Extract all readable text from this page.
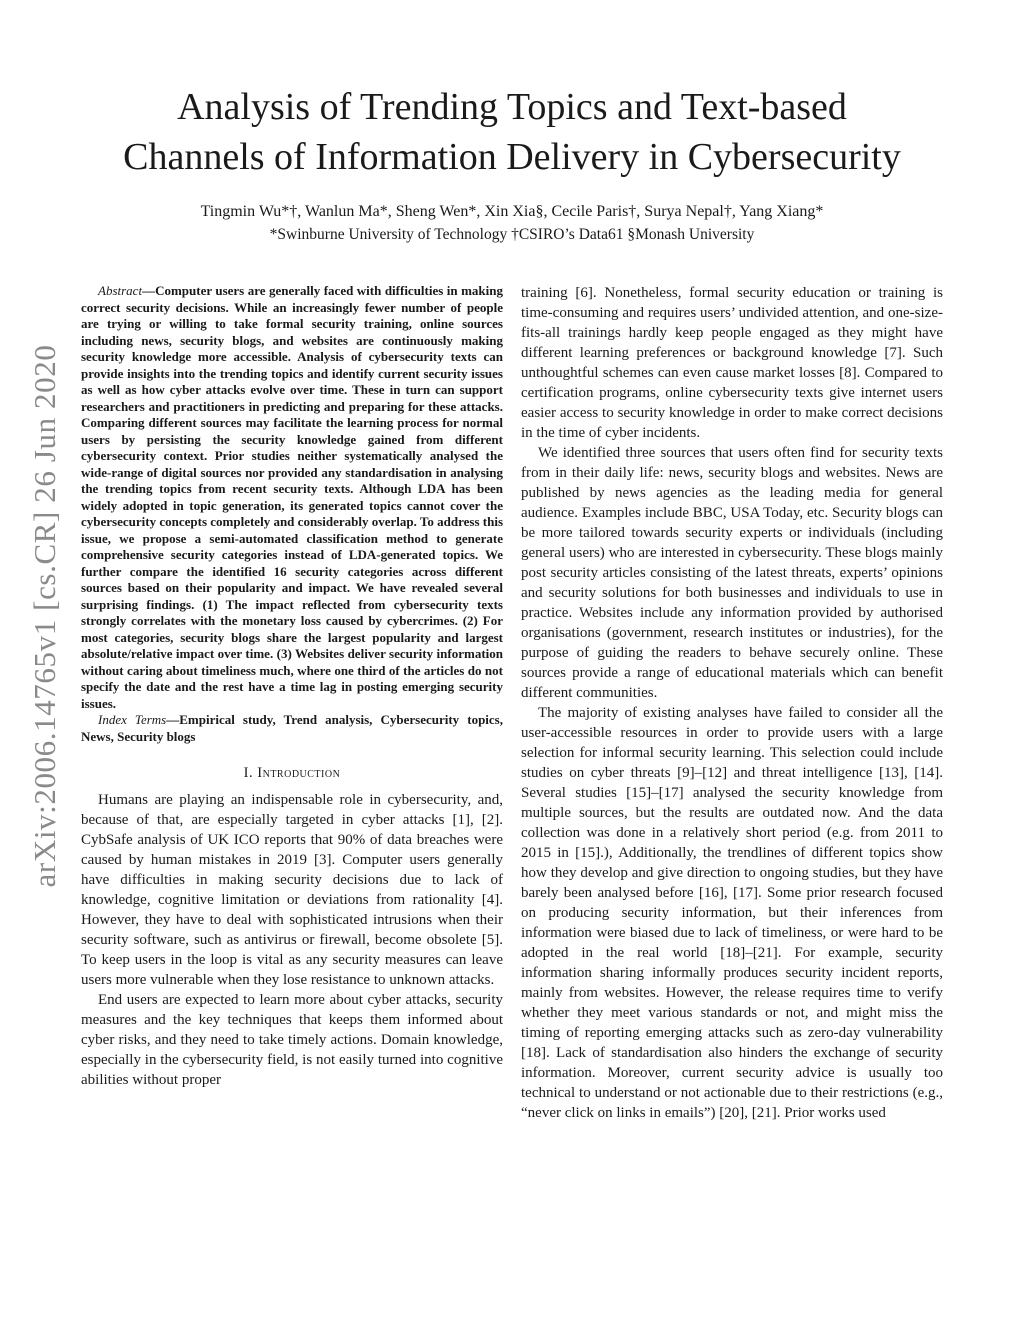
Analysis of Trending Topics and Text-based
Channels of Information Delivery in Cybersecurity
Tingmin Wu*†, Wanlun Ma*, Sheng Wen*, Xin Xia§, Cecile Paris†, Surya Nepal†, Yang Xiang*
*Swinburne University of Technology †CSIRO’s Data61 §Monash University
arXiv:2006.14765v1 [cs.CR] 26 Jun 2020

Abstract—Computer users are generally faced with difficulties in making correct security decisions. While an increasingly fewer number of people are trying or willing to take formal security training, online sources including news, security blogs, and websites are continuously making security knowledge more accessible. Analysis of cybersecurity texts can provide insights into the trending topics and identify current security issues as well as how cyber attacks evolve over time. These in turn can support researchers and practitioners in predicting and preparing for these attacks. Comparing different sources may facilitate the learning process for normal users by persisting the security knowledge gained from different cybersecurity context. Prior studies neither systematically analysed the wide-range of digital sources nor provided any standardisation in analysing the trending topics from recent security texts. Although LDA has been widely adopted in topic generation, its generated topics cannot cover the cybersecurity concepts completely and considerably overlap. To address this issue, we propose a semi-automated classification method to generate comprehensive security categories instead of LDA-generated topics. We further compare the identified 16 security categories across different sources based on their popularity and impact. We have revealed several surprising findings. (1) The impact reflected from cybersecurity texts strongly correlates with the monetary loss caused by cybercrimes. (2) For most categories, security blogs share the largest popularity and largest absolute/relative impact over time. (3) Websites deliver security information without caring about timeliness much, where one third of the articles do not specify the date and the rest have a time lag in posting emerging security issues.

Index Terms—Empirical study, Trend analysis, Cybersecurity topics, News, Security blogs

I. Introduction

Humans are playing an indispensable role in cybersecurity, and, because of that, are especially targeted in cyber attacks [1], [2]. CybSafe analysis of UK ICO reports that 90% of data breaches were caused by human mistakes in 2019 [3]. Computer users generally have difficulties in making security decisions due to lack of knowledge, cognitive limitation or deviations from rationality [4]. However, they have to deal with sophisticated intrusions when their security software, such as antivirus or firewall, become obsolete [5]. To keep users in the loop is vital as any security measures can leave users more vulnerable when they lose resistance to unknown attacks.

End users are expected to learn more about cyber attacks, security measures and the key techniques that keeps them informed about cyber risks, and they need to take timely actions. Domain knowledge, especially in the cybersecurity field, is not easily turned into cognitive abilities without proper

training [6]. Nonetheless, formal security education or training is time-consuming and requires users’ undivided attention, and one-size-fits-all trainings hardly keep people engaged as they might have different learning preferences or background knowledge [7]. Such unthoughtful schemes can even cause market losses [8]. Compared to certification programs, online cybersecurity texts give internet users easier access to security knowledge in order to make correct decisions in the time of cyber incidents.

We identified three sources that users often find for security texts from in their daily life: news, security blogs and websites. News are published by news agencies as the leading media for general audience. Examples include BBC, USA Today, etc. Security blogs can be more tailored towards security experts or individuals (including general users) who are interested in cybersecurity. These blogs mainly post security articles consisting of the latest threats, experts’ opinions and security solutions for both businesses and individuals to use in practice. Websites include any information provided by authorised organisations (government, research institutes or industries), for the purpose of guiding the readers to behave securely online. These sources provide a range of educational materials which can benefit different communities.

The majority of existing analyses have failed to consider all the user-accessible resources in order to provide users with a large selection for informal security learning. This selection could include studies on cyber threats [9]–[12] and threat intelligence [13], [14]. Several studies [15]–[17] analysed the security knowledge from multiple sources, but the results are outdated now. And the data collection was done in a relatively short period (e.g. from 2011 to 2015 in [15].), Additionally, the trendlines of different topics show how they develop and give direction to ongoing studies, but they have barely been analysed before [16], [17]. Some prior research focused on producing security information, but their inferences from information were biased due to lack of timeliness, or were hard to be adopted in the real world [18]–[21]. For example, security information sharing informally produces security incident reports, mainly from websites. However, the release requires time to verify whether they meet various standards or not, and might miss the timing of reporting emerging attacks such as zero-day vulnerability [18]. Lack of standardisation also hinders the exchange of security information. Moreover, current security advice is usually too technical to understand or not actionable due to their restrictions (e.g., “never click on links in emails”) [20], [21]. Prior works used
